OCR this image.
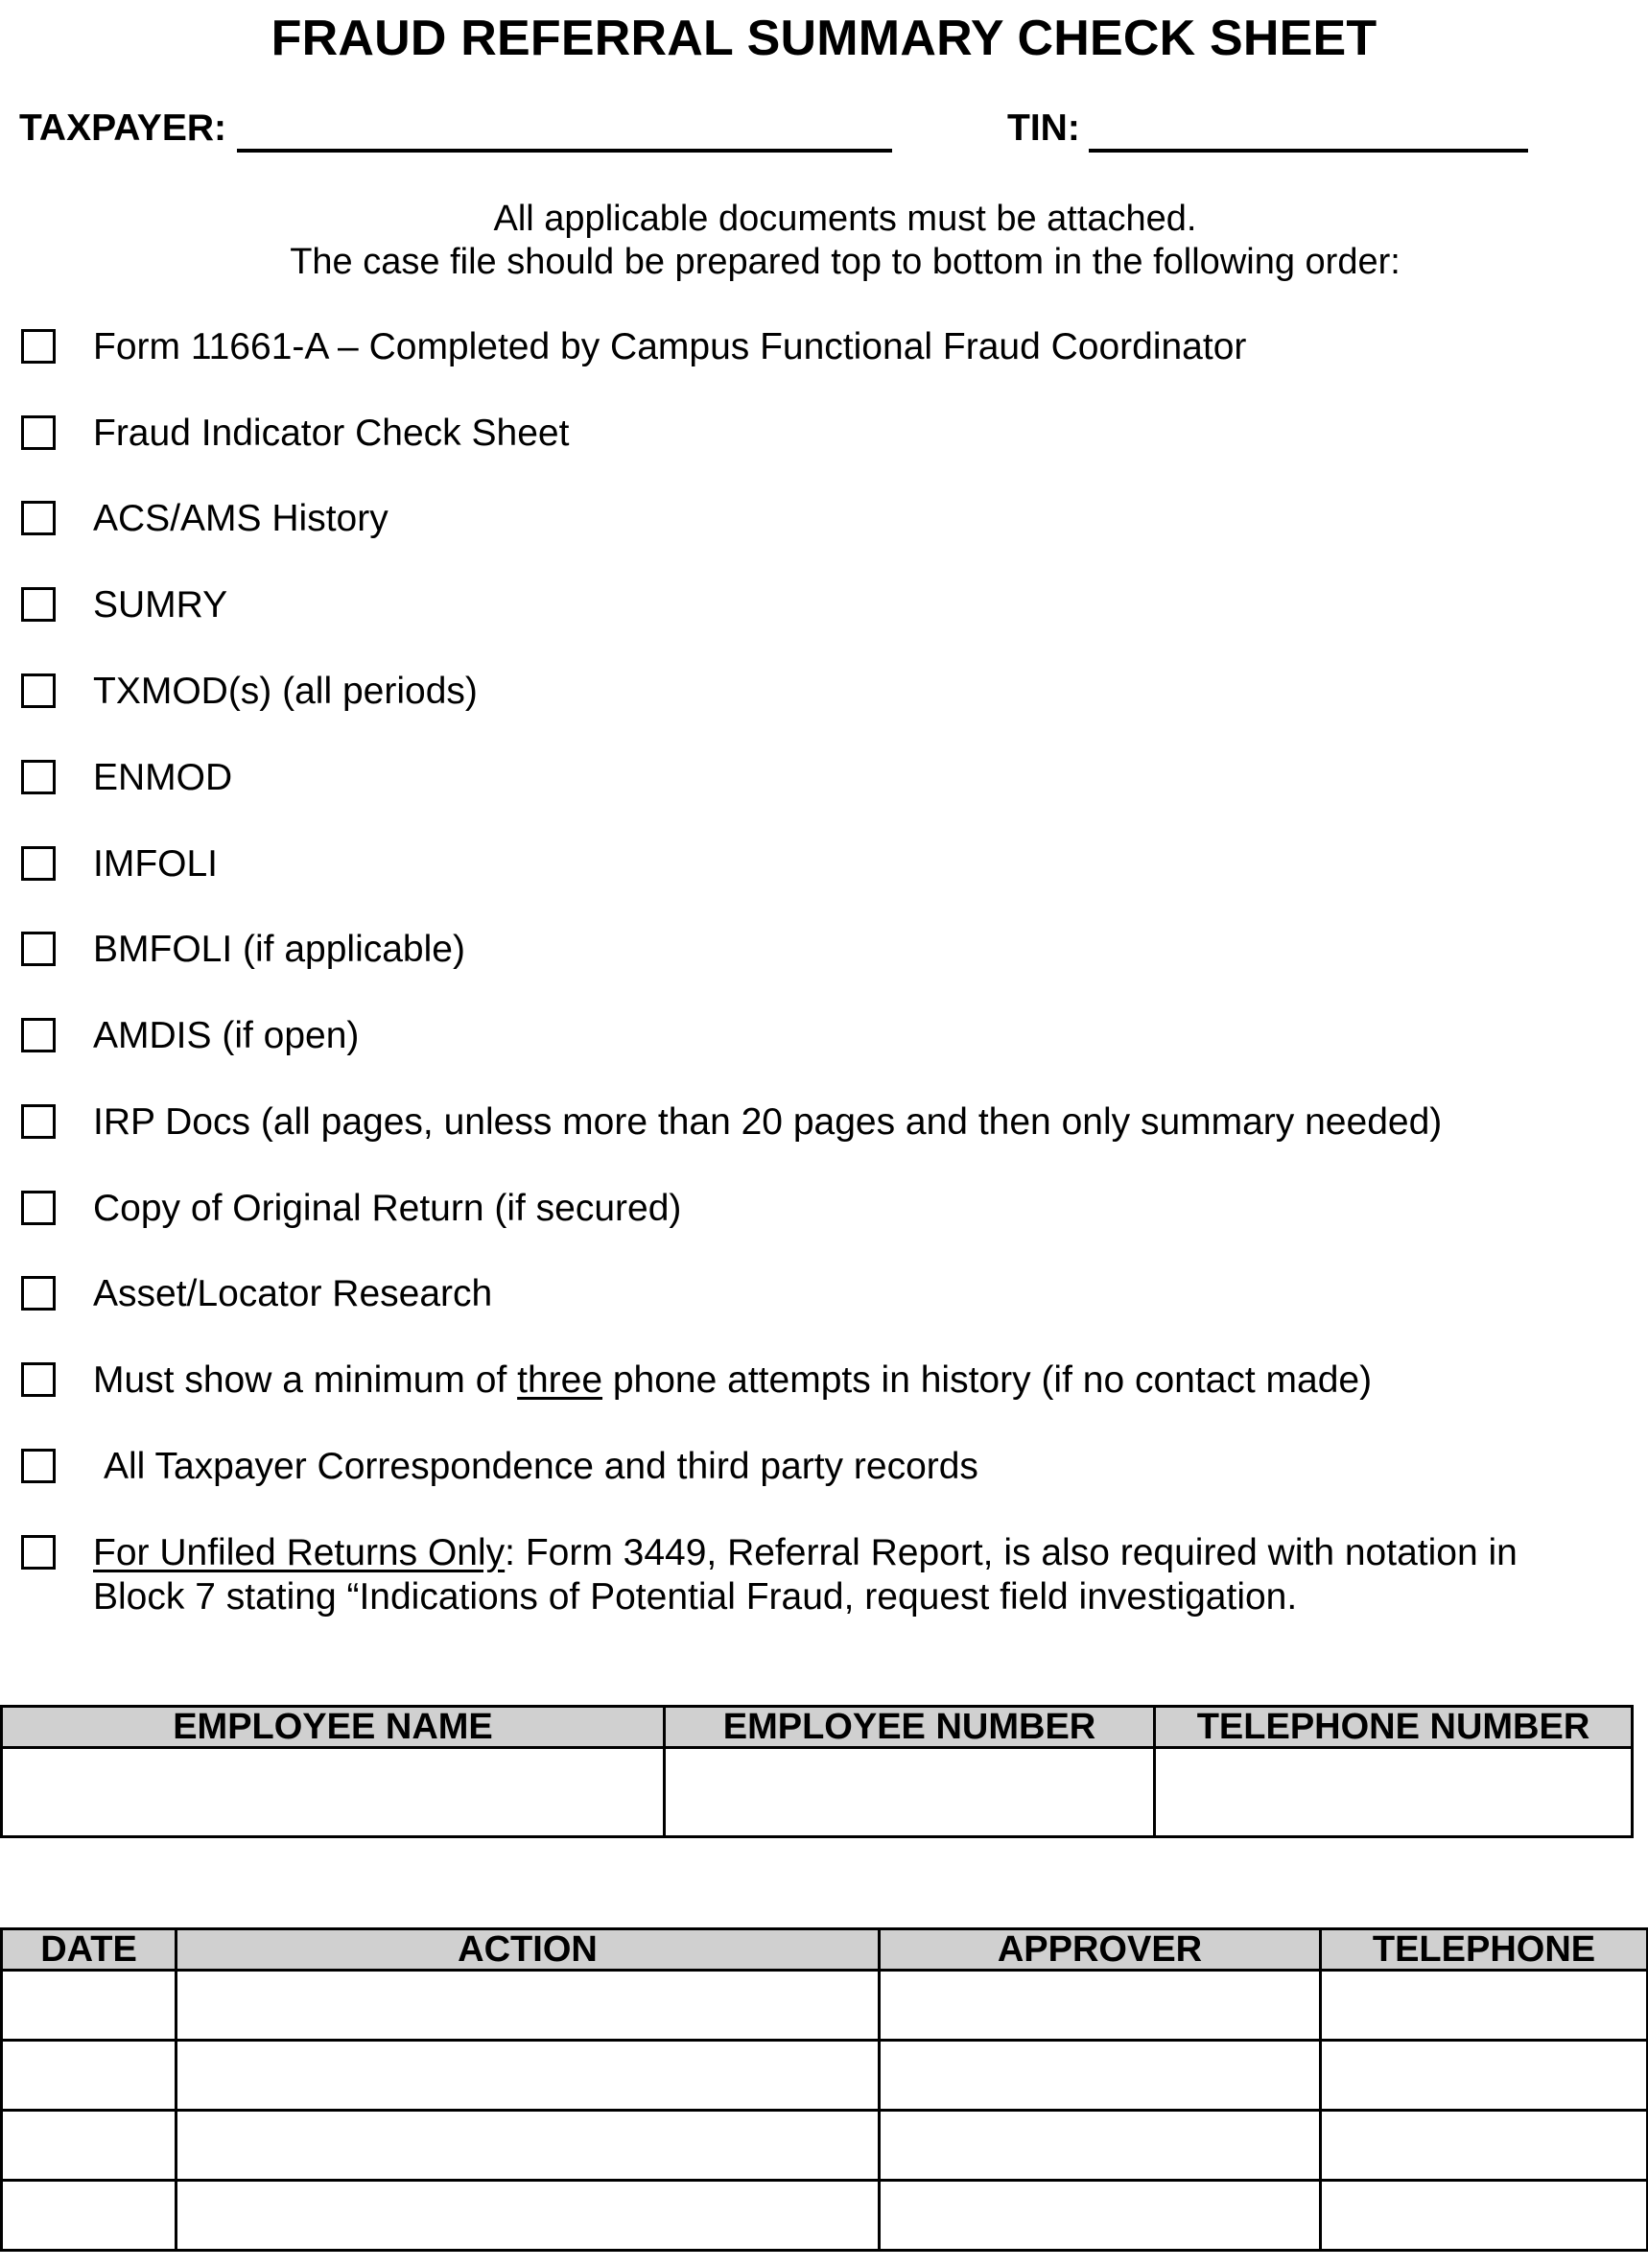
FRAUD REFERRAL SUMMARY CHECK SHEET
TAXPAYER:	TIN:
All applicable documents must be attached.
The case file should be prepared top to bottom in the following order:
Form 11661-A – Completed by Campus Functional Fraud Coordinator
Fraud Indicator Check Sheet
ACS/AMS History
SUMRY
TXMOD(s) (all periods)
ENMOD
IMFOLI
BMFOLI (if applicable)
AMDIS (if open)
IRP Docs (all pages, unless more than 20 pages and then only summary needed)
Copy of Original Return (if secured)
Asset/Locator Research
Must show a minimum of three phone attempts in history (if no contact made)
All Taxpayer Correspondence and third party records
For Unfiled Returns Only: Form 3449, Referral Report, is also required with notation in
Block 7 stating “Indications of Potential Fraud, request field investigation.
EMPLOYEE NAME	EMPLOYEE NUMBER	TELEPHONE NUMBER

DATE	ACTION	APPROVER	TELEPHONE
